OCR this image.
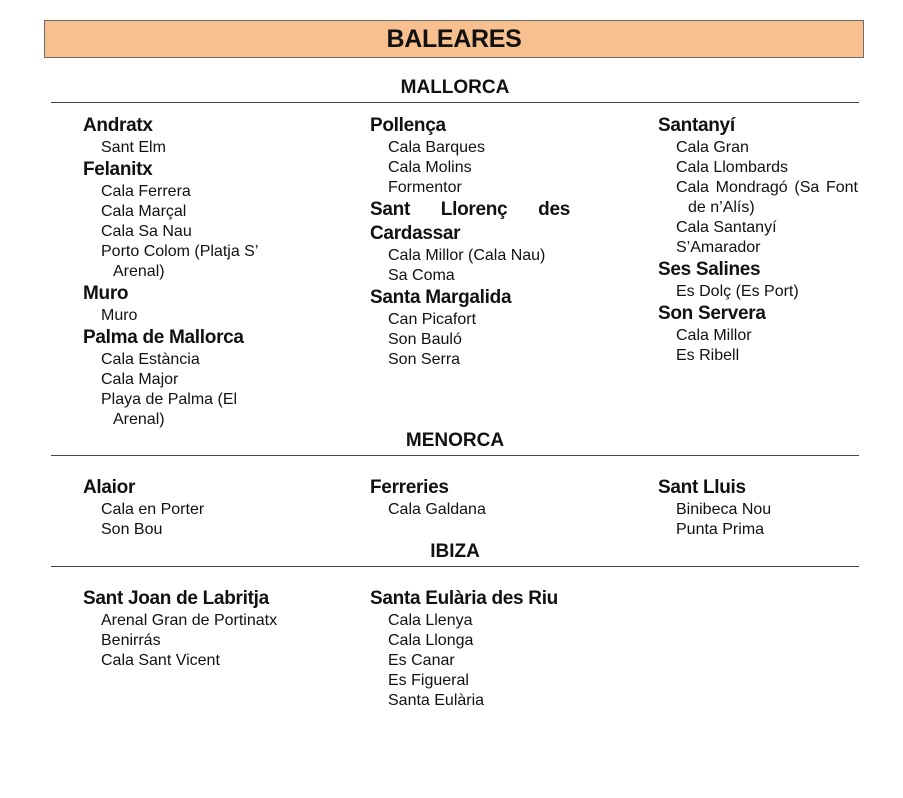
BALEARES
MALLORCA
Andratx
Sant Elm
Felanitx
Cala Ferrera
Cala Marçal
Cala Sa Nau
Porto Colom (Platja S’ Arenal)
Muro
Muro
Palma de Mallorca
Cala Estància
Cala Major
Playa de Palma (El Arenal)
Pollença
Cala Barques
Cala Molins
Formentor
Sant Llorenç des Cardassar
Cala Millor (Cala Nau)
Sa Coma
Santa Margalida
Can Picafort
Son Bauló
Son Serra
Santanyí
Cala Gran
Cala Llombards
Cala Mondragó (Sa Font de n’Alís)
Cala Santanyí
S’Amarador
Ses Salines
Es Dolç (Es Port)
Son Servera
Cala Millor
Es Ribell
MENORCA
Alaior
Cala en Porter
Son Bou
Ferreries
Cala Galdana
Sant Lluis
Binibeca Nou
Punta Prima
IBIZA
Sant Joan de Labritja
Arenal Gran de Portinatx
Benirrás
Cala Sant Vicent
Santa Eulària des Riu
Cala Llenya
Cala Llonga
Es Canar
Es Figueral
Santa Eulària
